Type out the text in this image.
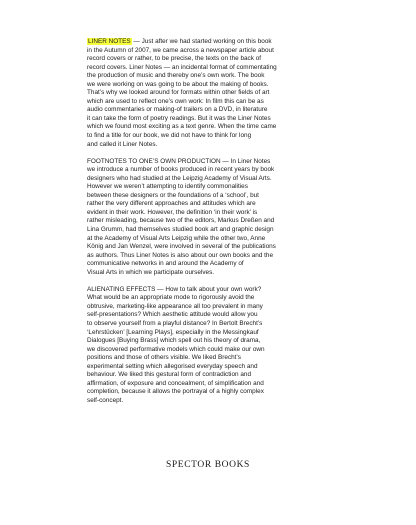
LINER NOTES — Just after we had started working on this book
in the Autumn of 2007, we came across a newspaper article about
record covers or rather, to be precise, the texts on the back of
record covers. Liner Notes — an incidental format of commentating
the production of music and thereby one’s own work. The book
we were working on was going to be about the making of books.
That’s why we looked around for formats within other fields of art
which are used to reflect one’s own work: In film this can be as
audio commentaries or making-of trailers on a DVD, in literature
it can take the form of poetry readings. But it was the Liner Notes
which we found most exciting as a text genre. When the time came
to find a title for our book, we did not have to think for long
and called it Liner Notes.

FOOTNOTES TO ONE’S OWN PRODUCTION — In Liner Notes
we introduce a number of books produced in recent years by book
designers who had studied at the Leipzig Academy of Visual Arts.
However we weren’t attempting to identify commonalities
between these designers or the foundations of a ‘school’, but
rather the very different approaches and attitudes which are
evident in their work. However, the definition ‘in their work’ is
rather misleading, because two of the editors, Markus Dreßen and
Lina Grumm, had themselves studied book art and graphic design
at the Academy of Visual Arts Leipzig while the other two, Anne
König and Jan Wenzel, were involved in several of the publications
as authors. Thus Liner Notes is also about our own books and the
communicative networks in and around the Academy of
Visual Arts in which we participate ourselves.

ALIENATING EFFECTS — How to talk about your own work?
What would be an appropriate mode to rigorously avoid the
obtrusive, marketing-like appearance all too prevalent in many
self-presentations? Which aesthetic attitude would allow you
to observe yourself from a playful distance? In Bertolt Brecht’s
‘Lehrstücken’ [Learning Plays], especially in the Messingkauf
Dialogues [Buying Brass] which spell out his theory of drama,
we discovered performative models which could make our own
positions and those of others visible. We liked Brecht’s
experimental setting which allegorised everyday speech and
behaviour. We liked this gestural form of contradiction and
affirmation, of exposure and concealment, of simplification and
completion, because it allows the portrayal of a highly complex
self-concept.

SPECTOR BOOKS
